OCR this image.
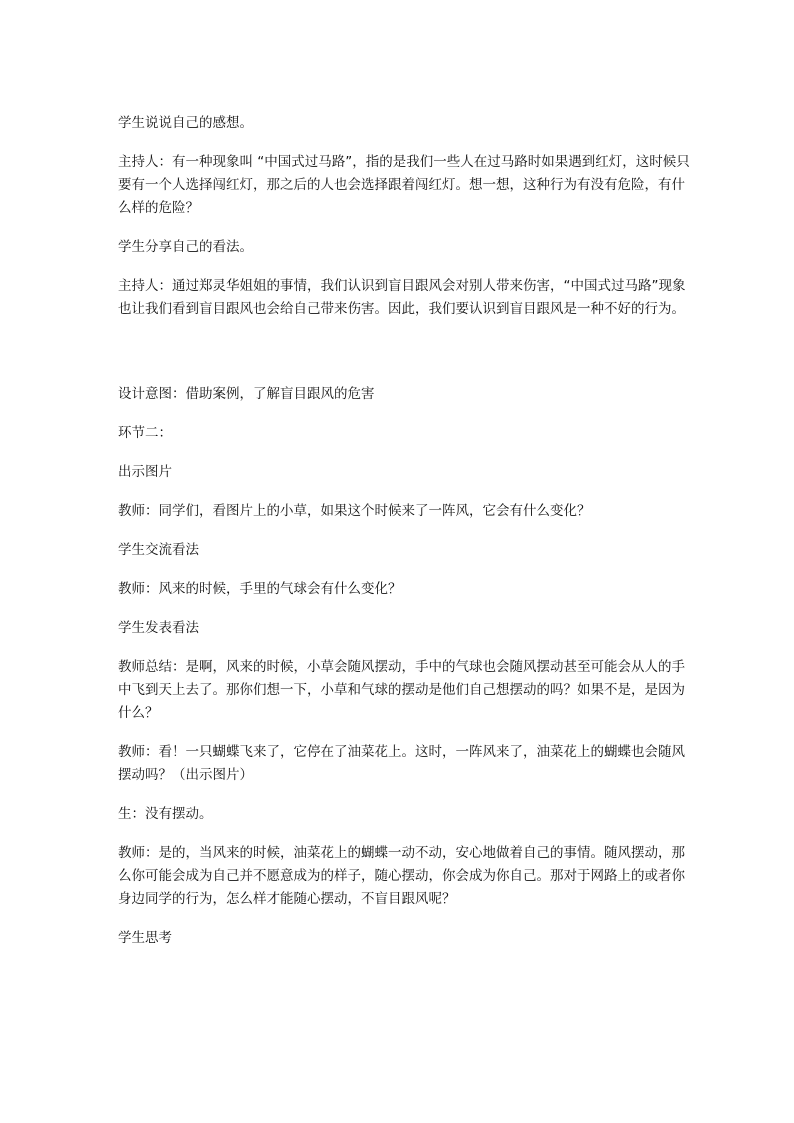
学生说说自己的感想。

主持人：有一种现象叫 “中国式过马路”，指的是我们一些人在过马路时如果遇到红灯，这时候只要有一个人选择闯红灯，那之后的人也会选择跟着闯红灯。想一想，这种行为有没有危险，有什么样的危险？

学生分享自己的看法。

主持人：通过郑灵华姐姐的事情，我们认识到盲目跟风会对别人带来伤害，“中国式过马路”现象也让我们看到盲目跟风也会给自己带来伤害。因此，我们要认识到盲目跟风是一种不好的行为。

设计意图：借助案例，了解盲目跟风的危害

环节二：

出示图片

教师：同学们，看图片上的小草，如果这个时候来了一阵风，它会有什么变化？

学生交流看法

教师：风来的时候，手里的气球会有什么变化？

学生发表看法

教师总结：是啊，风来的时候，小草会随风摆动，手中的气球也会随风摆动甚至可能会从人的手中飞到天上去了。那你们想一下，小草和气球的摆动是他们自己想摆动的吗？如果不是，是因为什么？

教师：看！一只蝴蝶飞来了，它停在了油菜花上。这时，一阵风来了，油菜花上的蝴蝶也会随风摆动吗？（出示图片）

生：没有摆动。

教师：是的，当风来的时候，油菜花上的蝴蝶一动不动，安心地做着自己的事情。随风摆动，那么你可能会成为自己并不愿意成为的样子，随心摆动，你会成为你自己。那对于网路上的或者你身边同学的行为，怎么样才能随心摆动，不盲目跟风呢？

学生思考
